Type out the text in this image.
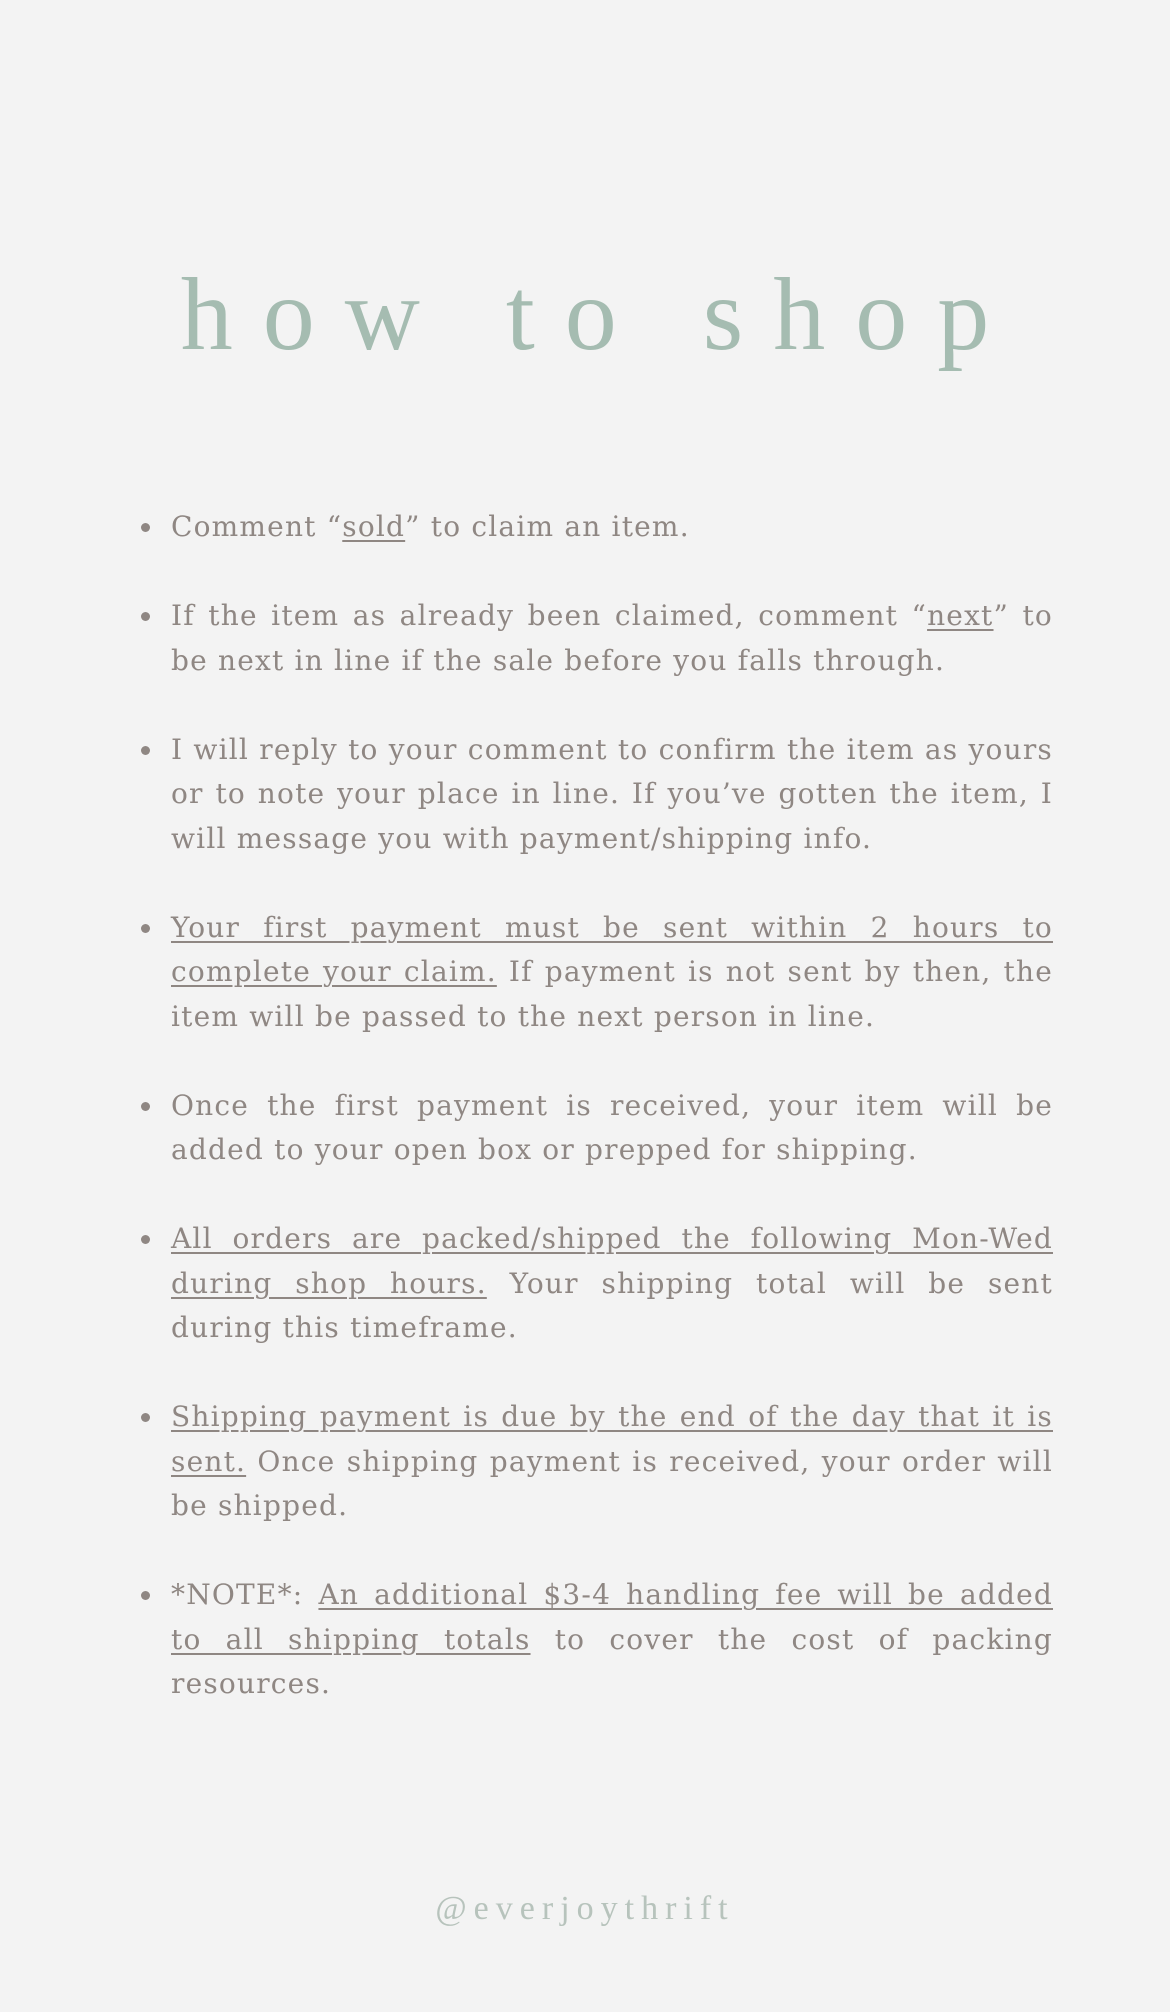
how to shop
Comment “sold” to claim an item.
If the item as already been claimed, comment “next” to be next in line if the sale before you falls through.
I will reply to your comment to confirm the item as yours or to note your place in line. If you’ve gotten the item, I will message you with payment/shipping info.
Your first payment must be sent within 2 hours to complete your claim. If payment is not sent by then, the item will be passed to the next person in line.
Once the first payment is received, your item will be added to your open box or prepped for shipping.
All orders are packed/shipped the following Mon-Wed during shop hours. Your shipping total will be sent during this timeframe.
Shipping payment is due by the end of the day that it is sent. Once shipping payment is received, your order will be shipped.
*NOTE*: An additional $3-4 handling fee will be added to all shipping totals to cover the cost of packing resources.

@everjoythrift
